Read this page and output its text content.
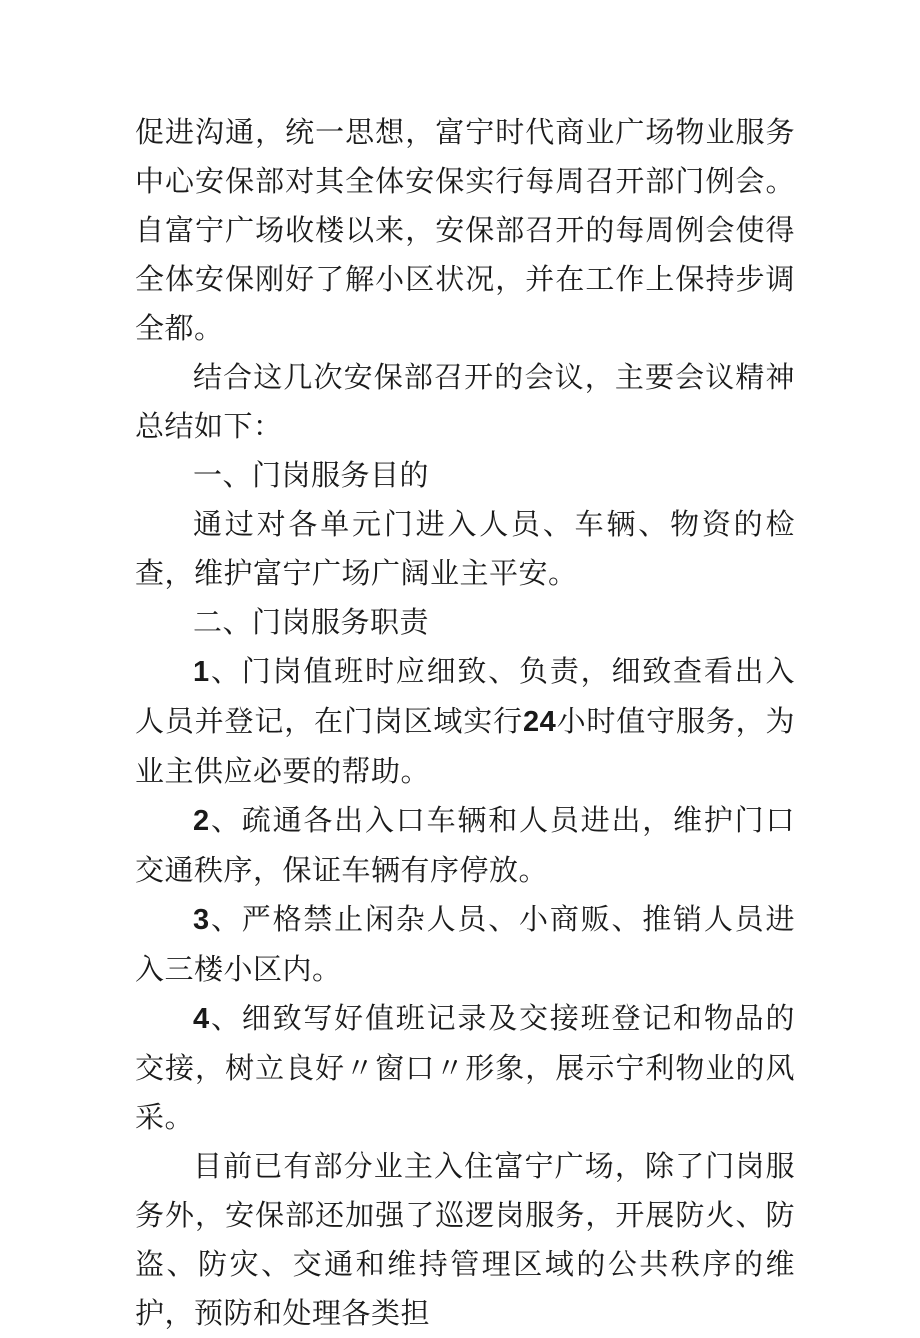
促进沟通，统一思想，富宁时代商业广场物业服务中心安保部对其全体安保实行每周召开部门例会。自富宁广场收楼以来，安保部召开的每周例会使得全体安保刚好了解小区状况，并在工作上保持步调全都。

结合这几次安保部召开的会议，主要会议精神总结如下：

一、门岗服务目的

通过对各单元门进入人员、车辆、物资的检查，维护富宁广场广阔业主平安。

二、门岗服务职责

1、门岗值班时应细致、负责，细致查看出入人员并登记，在门岗区域实行24小时值守服务，为业主供应必要的帮助。

2、疏通各出入口车辆和人员进出，维护门口交通秩序，保证车辆有序停放。

3、严格禁止闲杂人员、小商贩、推销人员进入三楼小区内。

4、细致写好值班记录及交接班登记和物品的交接，树立良好〃窗口〃形象，展示宁利物业的风采。

目前已有部分业主入住富宁广场，除了门岗服务外，安保部还加强了巡逻岗服务，开展防火、防盗、防灾、交通和维持管理区域的公共秩序的维护，预防和处理各类担
